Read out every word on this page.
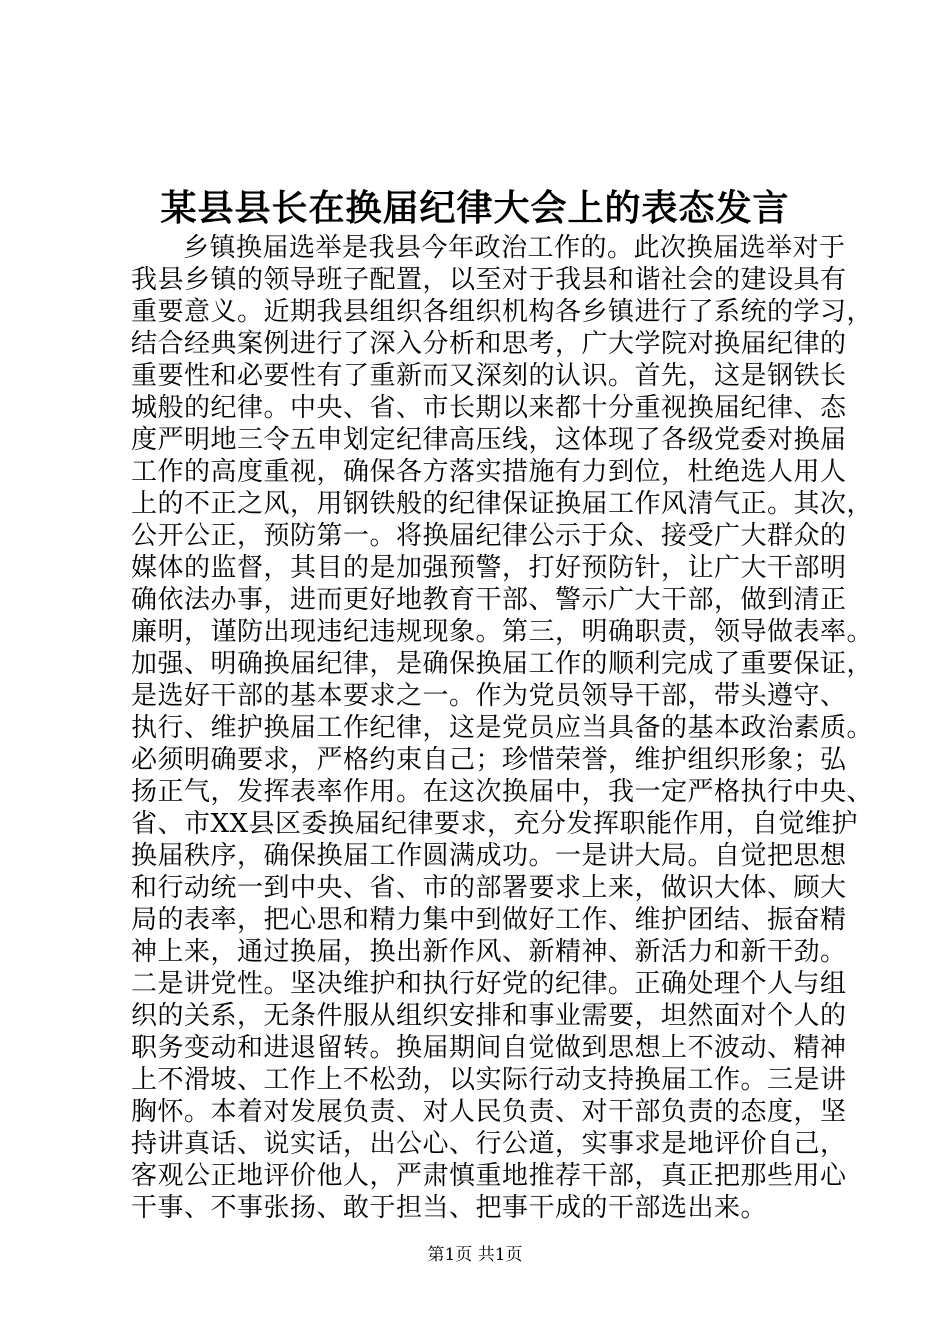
某县县长在换届纪律大会上的表态发言
乡镇换届选举是我县今年政治工作的。此次换届选举对于
我县乡镇的领导班子配置，以至对于我县和谐社会的建设具有
重要意义。近期我县组织各组织机构各乡镇进行了系统的学习，
结合经典案例进行了深入分析和思考，广大学院对换届纪律的
重要性和必要性有了重新而又深刻的认识。首先，这是钢铁长
城般的纪律。中央、省、市长期以来都十分重视换届纪律、态
度严明地三令五申划定纪律高压线，这体现了各级党委对换届
工作的高度重视，确保各方落实措施有力到位，杜绝选人用人
上的不正之风，用钢铁般的纪律保证换届工作风清气正。其次，
公开公正，预防第一。将换届纪律公示于众、接受广大群众的
媒体的监督，其目的是加强预警，打好预防针，让广大干部明
确依法办事，进而更好地教育干部、警示广大干部，做到清正
廉明，谨防出现违纪违规现象。第三，明确职责，领导做表率。
加强、明确换届纪律，是确保换届工作的顺利完成了重要保证，
是选好干部的基本要求之一。作为党员领导干部，带头遵守、
执行、维护换届工作纪律，这是党员应当具备的基本政治素质。
必须明确要求，严格约束自己；珍惜荣誉，维护组织形象；弘
扬正气，发挥表率作用。在这次换届中，我一定严格执行中央、
省、市XX县区委换届纪律要求，充分发挥职能作用，自觉维护
换届秩序，确保换届工作圆满成功。一是讲大局。自觉把思想
和行动统一到中央、省、市的部署要求上来，做识大体、顾大
局的表率，把心思和精力集中到做好工作、维护团结、振奋精
神上来，通过换届，换出新作风、新精神、新活力和新干劲。
二是讲党性。坚决维护和执行好党的纪律。正确处理个人与组
织的关系，无条件服从组织安排和事业需要，坦然面对个人的
职务变动和进退留转。换届期间自觉做到思想上不波动、精神
上不滑坡、工作上不松劲，以实际行动支持换届工作。三是讲
胸怀。本着对发展负责、对人民负责、对干部负责的态度，坚
持讲真话、说实话，出公心、行公道，实事求是地评价自己，
客观公正地评价他人，严肃慎重地推荐干部，真正把那些用心
干事、不事张扬、敢于担当、把事干成的干部选出来。
第1页 共1页
